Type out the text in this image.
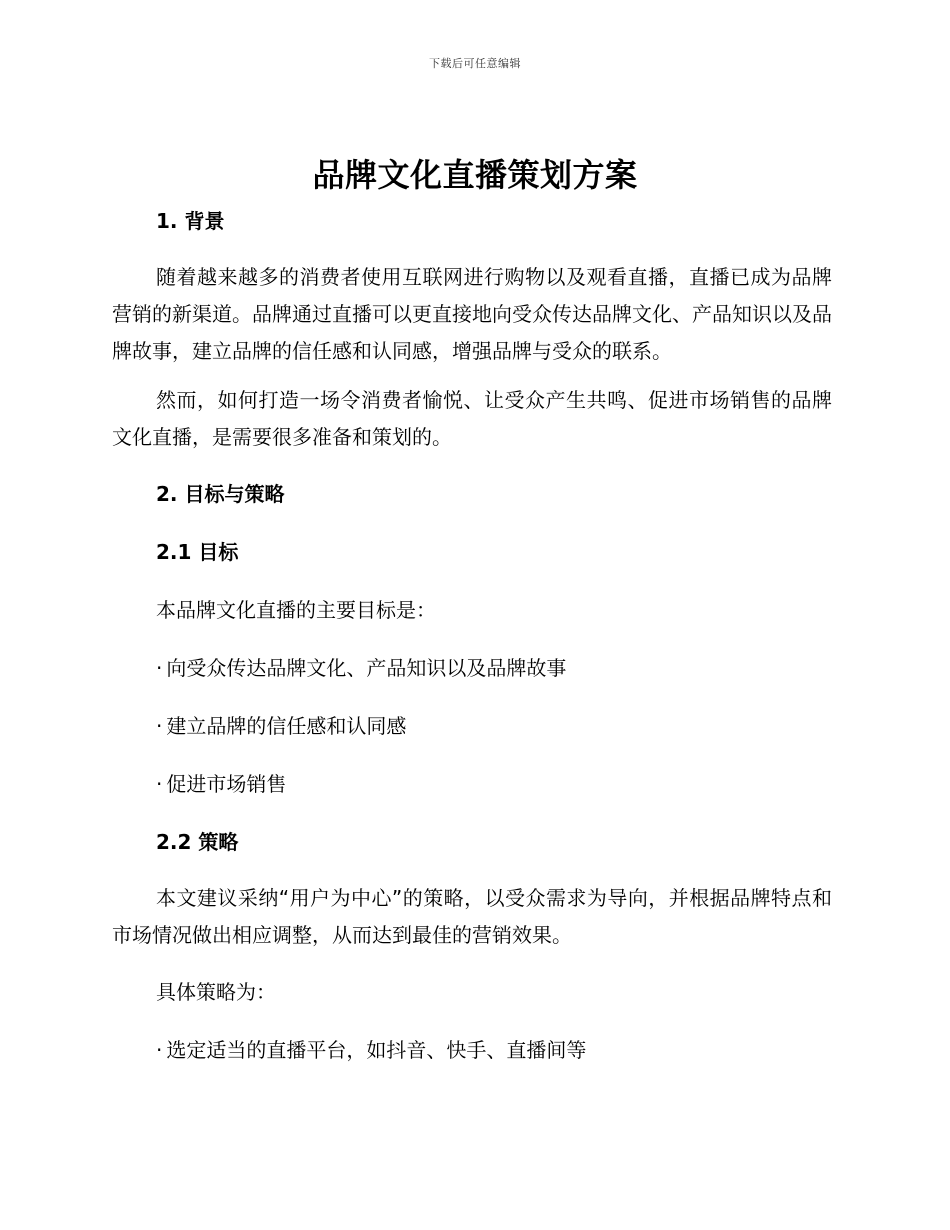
下载后可任意编辑
品牌文化直播策划方案
1. 背景

随着越来越多的消费者使用互联网进行购物以及观看直播，直播已成为品牌营销的新渠道。品牌通过直播可以更直接地向受众传达品牌文化、产品知识以及品牌故事，建立品牌的信任感和认同感，增强品牌与受众的联系。

然而，如何打造一场令消费者愉悦、让受众产生共鸣、促进市场销售的品牌文化直播，是需要很多准备和策划的。

2. 目标与策略
2.1 目标
本品牌文化直播的主要目标是：
· 向受众传达品牌文化、产品知识以及品牌故事
· 建立品牌的信任感和认同感
· 促进市场销售
2.2 策略

本文建议采纳“用户为中心”的策略，以受众需求为导向，并根据品牌特点和市场情况做出相应调整，从而达到最佳的营销效果。

具体策略为：
· 选定适当的直播平台，如抖音、快手、直播间等
